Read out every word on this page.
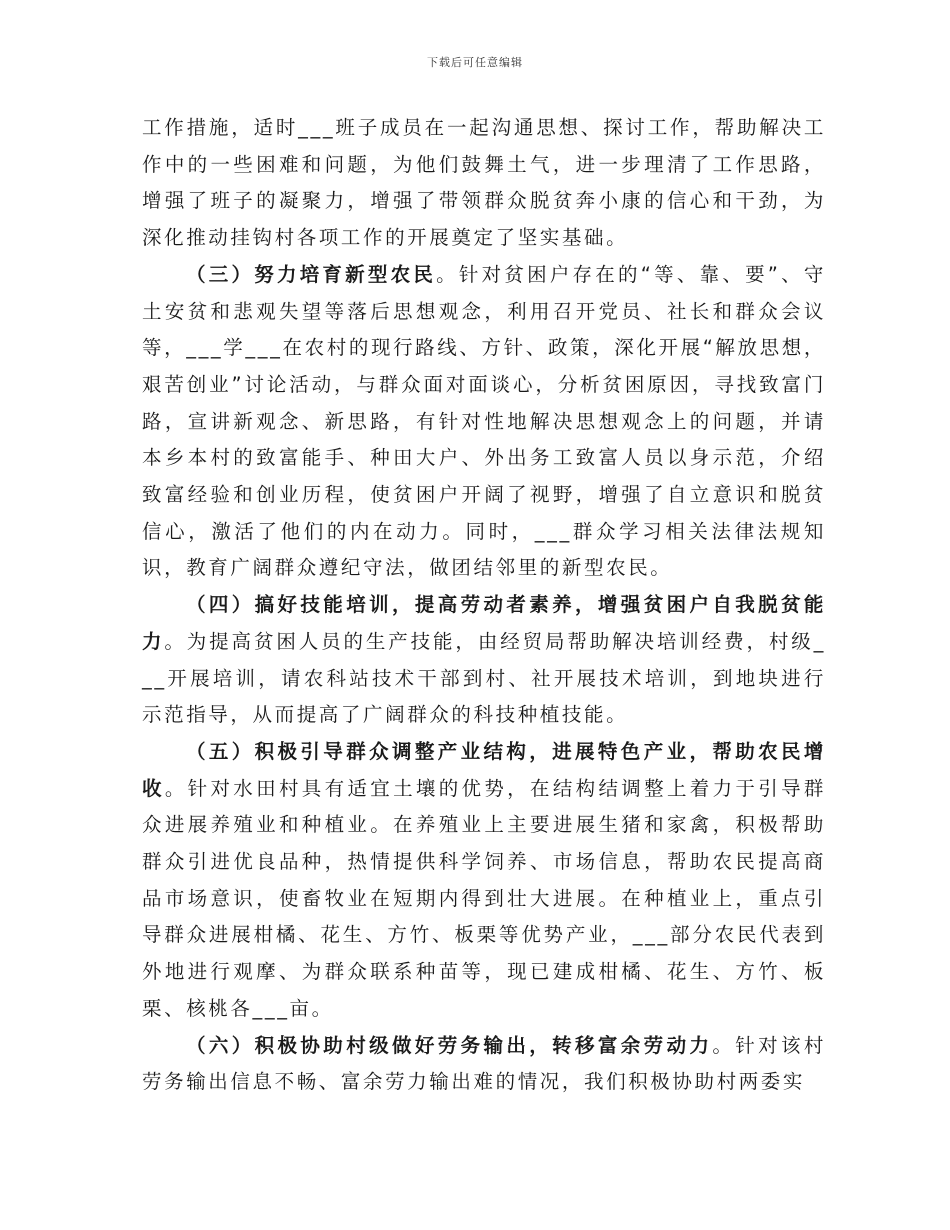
下载后可任意编辑

工作措施，适时___班子成员在一起沟通思想、探讨工作，帮助解决工作中的一些困难和问题，为他们鼓舞土气，进一步理清了工作思路，增强了班子的凝聚力，增强了带领群众脱贫奔小康的信心和干劲，为深化推动挂钩村各项工作的开展奠定了坚实基础。

（三）努力培育新型农民。针对贫困户存在的“等、靠、要”、守土安贫和悲观失望等落后思想观念，利用召开党员、社长和群众会议等，___学___在农村的现行路线、方针、政策，深化开展“解放思想，艰苦创业”讨论活动，与群众面对面谈心，分析贫困原因，寻找致富门路，宣讲新观念、新思路，有针对性地解决思想观念上的问题，并请本乡本村的致富能手、种田大户、外出务工致富人员以身示范，介绍致富经验和创业历程，使贫困户开阔了视野，增强了自立意识和脱贫信心，激活了他们的内在动力。同时，___群众学习相关法律法规知识，教育广阔群众遵纪守法，做团结邻里的新型农民。

（四）搞好技能培训，提高劳动者素养，增强贫困户自我脱贫能力。为提高贫困人员的生产技能，由经贸局帮助解决培训经费，村级___开展培训，请农科站技术干部到村、社开展技术培训，到地块进行示范指导，从而提高了广阔群众的科技种植技能。

（五）积极引导群众调整产业结构，进展特色产业，帮助农民增收。针对水田村具有适宜土壤的优势，在结构结调整上着力于引导群众进展养殖业和种植业。在养殖业上主要进展生猪和家禽，积极帮助群众引进优良品种，热情提供科学饲养、市场信息，帮助农民提高商品市场意识，使畜牧业在短期内得到壮大进展。在种植业上，重点引导群众进展柑橘、花生、方竹、板栗等优势产业，___部分农民代表到外地进行观摩、为群众联系种苗等，现已建成柑橘、花生、方竹、板栗、核桃各___亩。

（六）积极协助村级做好劳务输出，转移富余劳动力。针对该村劳务输出信息不畅、富余劳力输出难的情况，我们积极协助村两委实
